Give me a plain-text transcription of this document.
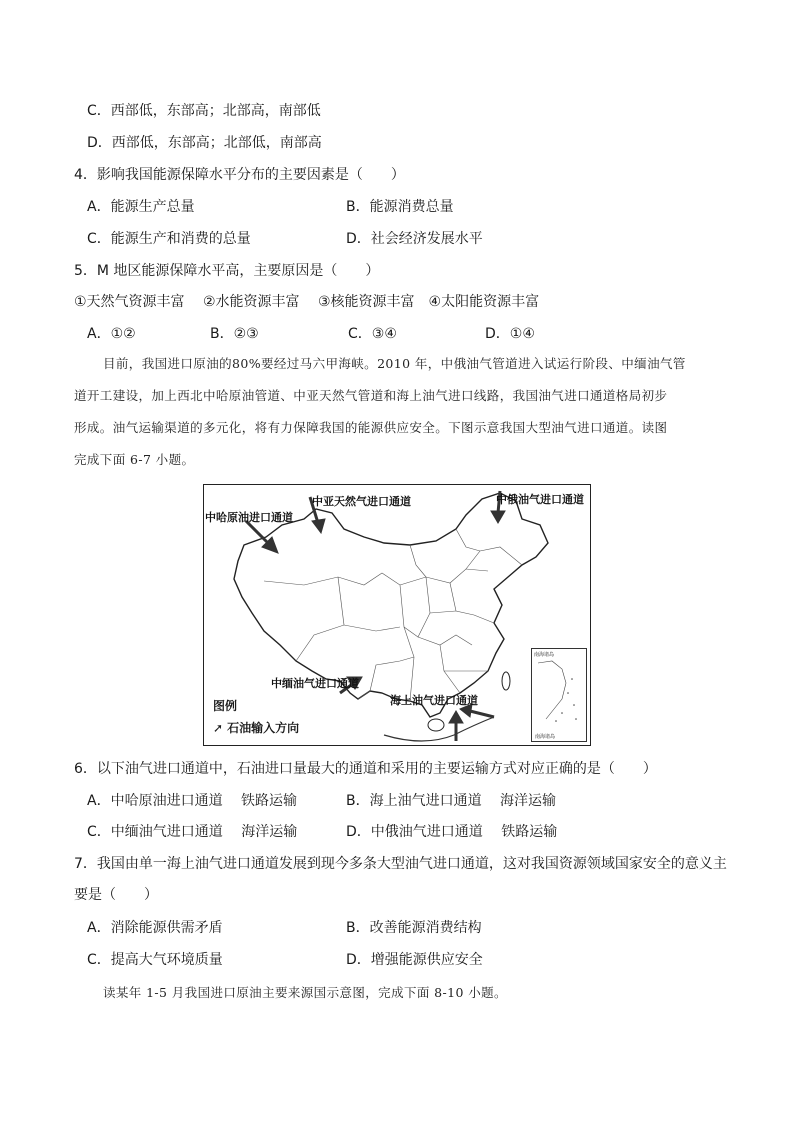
C．西部低，东部高；北部高，南部低
D．西部低，东部高；北部低，南部高
4．影响我国能源保障水平分布的主要因素是（　　）
A．能源生产总量	B．能源消费总量
C．能源生产和消费的总量	D．社会经济发展水平
5．M 地区能源保障水平高，主要原因是（　　）
①天然气资源丰富　 ②水能资源丰富　 ③核能资源丰富　④太阳能资源丰富
A．①②	B．②③	C．③④	D．①④
目前，我国进口原油的80%要经过马六甲海峡。2010 年，中俄油气管道进入试运行阶段、中缅油气管
道开工建设，加上西北中哈原油管道、中亚天然气管道和海上油气进口线路，我国油气进口通道格局初步
形成。油气运输渠道的多元化，将有力保障我国的能源供应安全。下图示意我国大型油气进口通道。读图
完成下面 6-7 小题。
中哈原油进口通道
中亚天然气进口通道	中俄油气进口通道
中缅油气进口通道
海上油气进口通道
图例
➚ 石油输入方向
南海诸岛
南海诸岛
6．以下油气进口通道中，石油进口量最大的通道和采用的主要运输方式对应正确的是（　　）
A．中哈原油进口通道　 铁路运输	B．海上油气进口通道　 海洋运输
C．中缅油气进口通道　 海洋运输	D．中俄油气进口通道　 铁路运输
7．我国由单一海上油气进口通道发展到现今多条大型油气进口通道，这对我国资源领域国家安全的意义主
要是（　　）
A．消除能源供需矛盾	B．改善能源消费结构
C．提高大气环境质量	D．增强能源供应安全
读某年 1-5 月我国进口原油主要来源国示意图，完成下面 8-10 小题。
